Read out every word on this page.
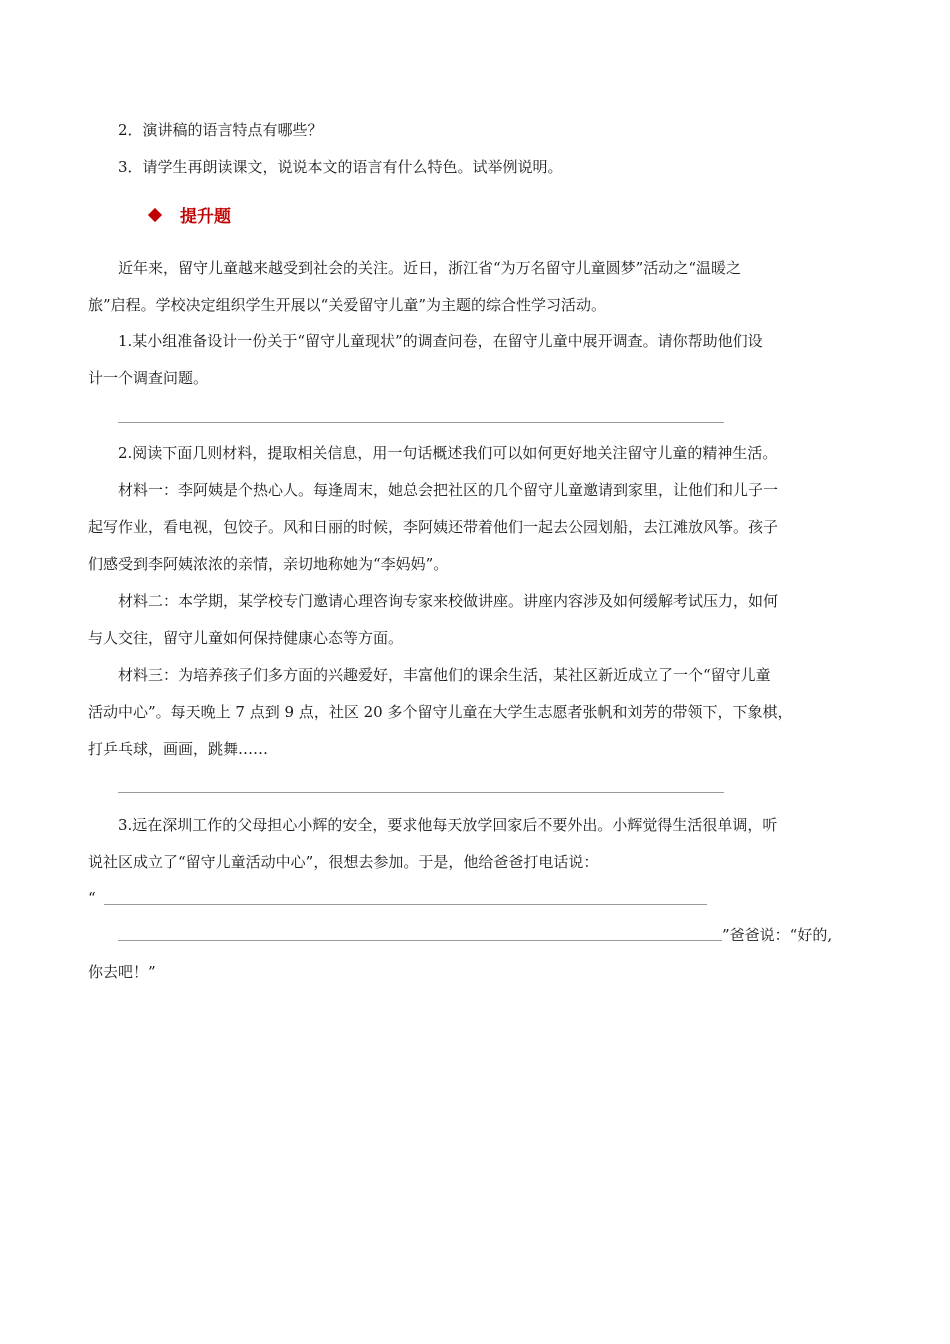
2．演讲稿的语言特点有哪些？
3．请学生再朗读课文，说说本文的语言有什么特色。试举例说明。
提升题
近年来，留守儿童越来越受到社会的关注。近日，浙江省“为万名留守儿童圆梦”活动之“温暖之
旅”启程。学校决定组织学生开展以“关爱留守儿童”为主题的综合性学习活动。
1.某小组准备设计一份关于“留守儿童现状”的调查问卷，在留守儿童中展开调查。请你帮助他们设
计一个调查问题。
2.阅读下面几则材料，提取相关信息，用一句话概述我们可以如何更好地关注留守儿童的精神生活。
材料一：李阿姨是个热心人。每逢周末，她总会把社区的几个留守儿童邀请到家里，让他们和儿子一
起写作业，看电视，包饺子。风和日丽的时候，李阿姨还带着他们一起去公园划船，去江滩放风筝。孩子
们感受到李阿姨浓浓的亲情，亲切地称她为“李妈妈”。
材料二：本学期，某学校专门邀请心理咨询专家来校做讲座。讲座内容涉及如何缓解考试压力，如何
与人交往，留守儿童如何保持健康心态等方面。
材料三：为培养孩子们多方面的兴趣爱好，丰富他们的课余生活，某社区新近成立了一个“留守儿童
活动中心”。每天晚上 7 点到 9 点，社区 20 多个留守儿童在大学生志愿者张帆和刘芳的带领下，下象棋，
打乒乓球，画画，跳舞……
3.远在深圳工作的父母担心小辉的安全，要求他每天放学回家后不要外出。小辉觉得生活很单调，听
说社区成立了“留守儿童活动中心”，很想去参加。于是，他给爸爸打电话说：
“
”爸爸说：“好的,
你去吧！”
